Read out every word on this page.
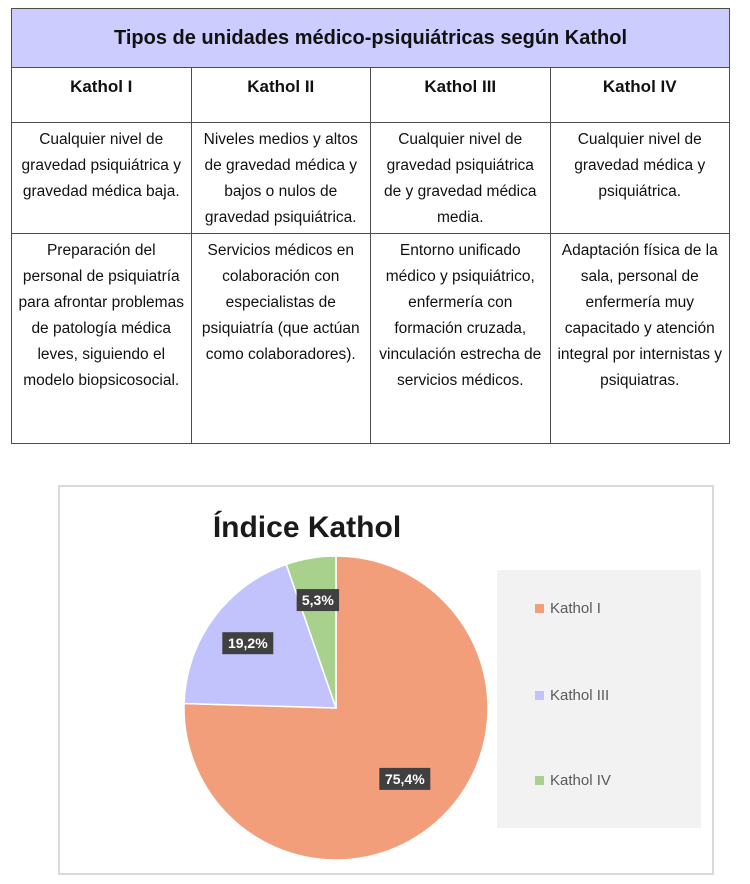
Tipos de unidades médico-psiquiátricas según Kathol			
Kathol I	Kathol II	Kathol III	Kathol IV
Cualquier nivel de gravedad psiquiátrica y gravedad médica baja.	Niveles medios y altos de gravedad médica y bajos o nulos de gravedad psiquiátrica.	Cualquier nivel de gravedad psiquiátrica de y gravedad médica media.	Cualquier nivel de gravedad médica y psiquiátrica.
Preparación del personal de psiquiatría para afrontar problemas de patología médica leves, siguiendo el modelo biopsicosocial.	Servicios médicos en colaboración con especialistas de psiquiatría (que actúan como colaboradores).	Entorno unificado médico y psiquiátrico, enfermería con formación cruzada, vinculación estrecha de servicios médicos.	Adaptación física de la sala, personal de enfermería muy capacitado y atención integral por internistas y psiquiatras.
Índice Kathol
75,4%
19,2%
5,3%	Kathol I
Kathol III
Kathol IV
